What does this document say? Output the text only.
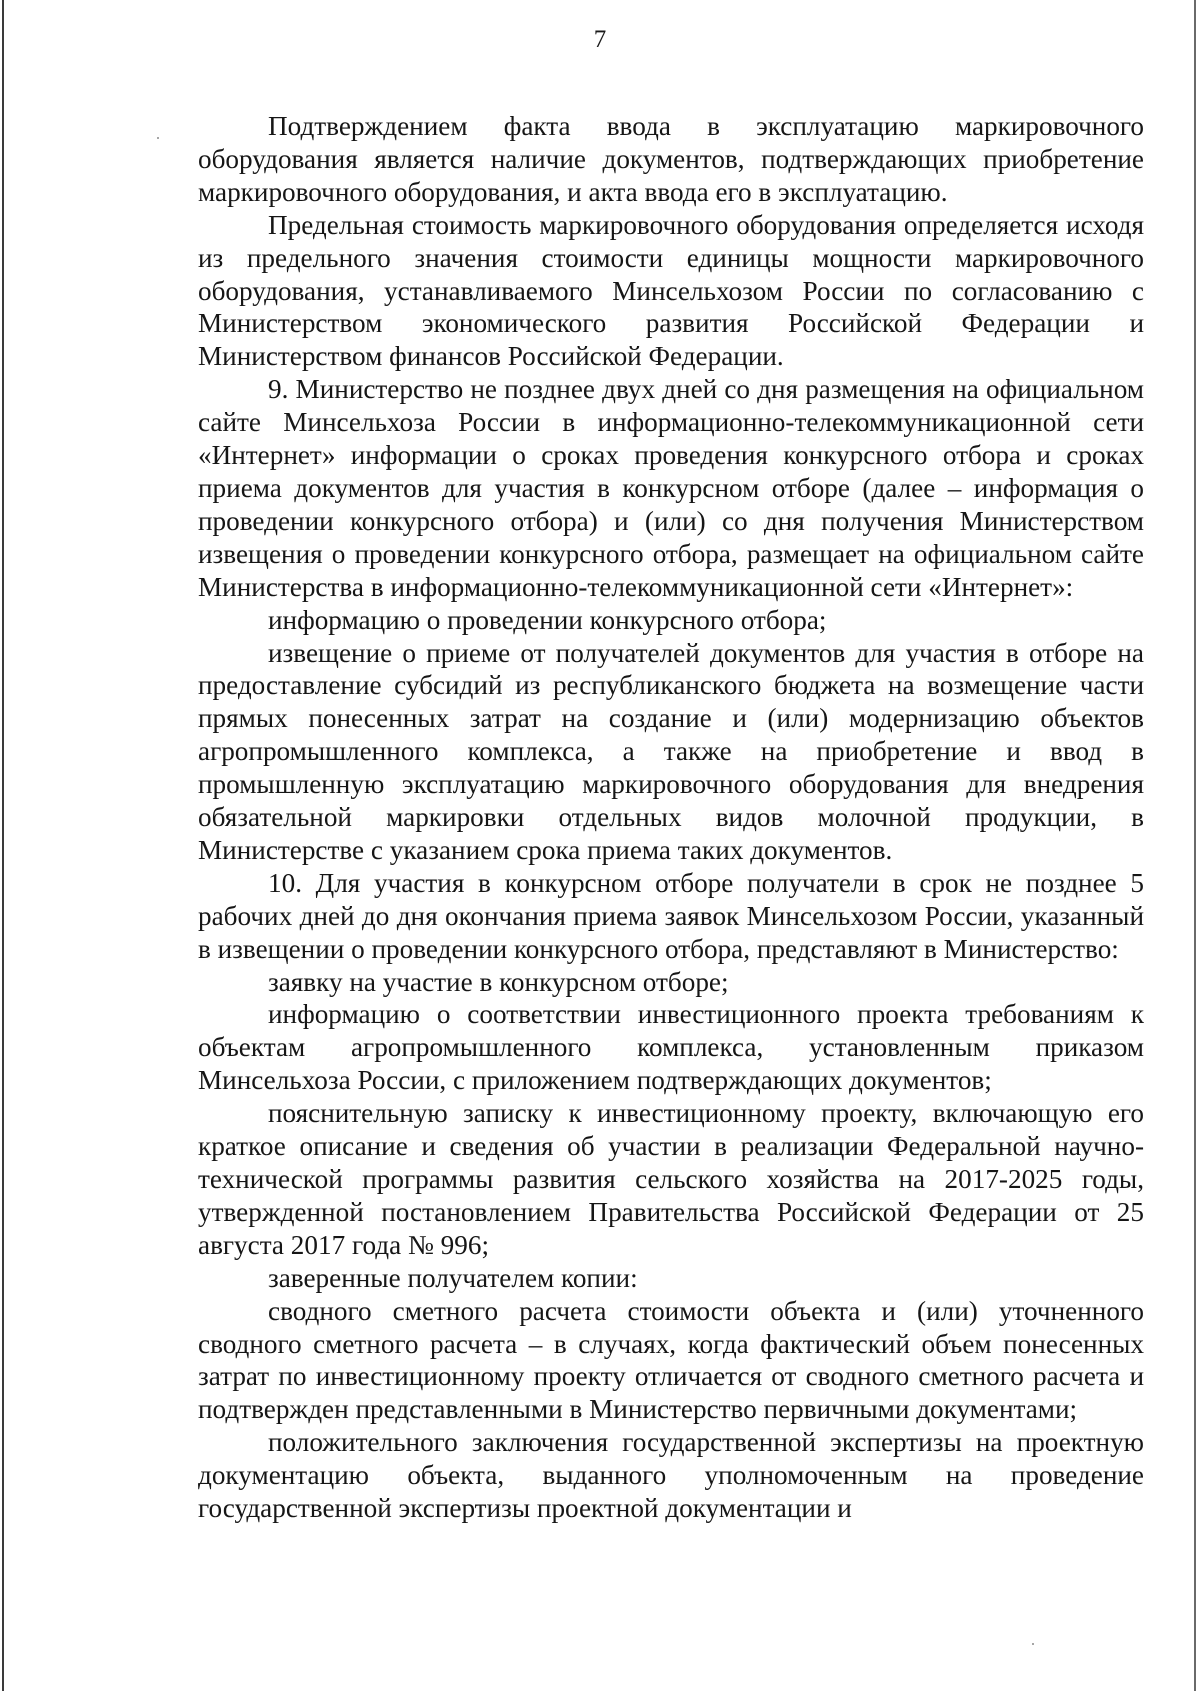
7

Подтверждением факта ввода в эксплуатацию маркировочного оборудования является наличие документов, подтверждающих приобретение маркировочного оборудования, и акта ввода его в эксплуатацию.

Предельная стоимость маркировочного оборудования определяется исходя из предельного значения стоимости единицы мощности маркировочного оборудования, устанавливаемого Минсельхозом России по согласованию с Министерством экономического развития Российской Федерации и Министерством финансов Российской Федерации.

9. Министерство не позднее двух дней со дня размещения на официальном сайте Минсельхоза России в информационно-телекоммуникационной сети «Интернет» информации о сроках проведения конкурсного отбора и сроках приема документов для участия в конкурсном отборе (далее – информация о проведении конкурсного отбора) и (или) со дня получения Министерством извещения о проведении конкурсного отбора, размещает на официальном сайте Министерства в информационно-телекоммуникационной сети «Интернет»:

информацию о проведении конкурсного отбора;

извещение о приеме от получателей документов для участия в отборе на предоставление субсидий из республиканского бюджета на возмещение части прямых понесенных затрат на создание и (или) модернизацию объектов агропромышленного комплекса, а также на приобретение и ввод в промышленную эксплуатацию маркировочного оборудования для внедрения обязательной маркировки отдельных видов молочной продукции, в Министерстве с указанием срока приема таких документов.

10. Для участия в конкурсном отборе получатели в срок не позднее 5 рабочих дней до дня окончания приема заявок Минсельхозом России, указанный в извещении о проведении конкурсного отбора, представляют в Министерство:

заявку на участие в конкурсном отборе;

информацию о соответствии инвестиционного проекта требованиям к объектам агропромышленного комплекса, установленным приказом Минсельхоза России, с приложением подтверждающих документов;

пояснительную записку к инвестиционному проекту, включающую его краткое описание и сведения об участии в реализации Федеральной научно-технической программы развития сельского хозяйства на 2017-2025 годы, утвержденной постановлением Правительства Российской Федерации от 25 августа 2017 года № 996;

заверенные получателем копии:

сводного сметного расчета стоимости объекта и (или) уточненного сводного сметного расчета – в случаях, когда фактический объем понесенных затрат по инвестиционному проекту отличается от сводного сметного расчета и подтвержден представленными в Министерство первичными документами;

положительного заключения государственной экспертизы на проектную документацию объекта, выданного уполномоченным на проведение государственной экспертизы проектной документации и
